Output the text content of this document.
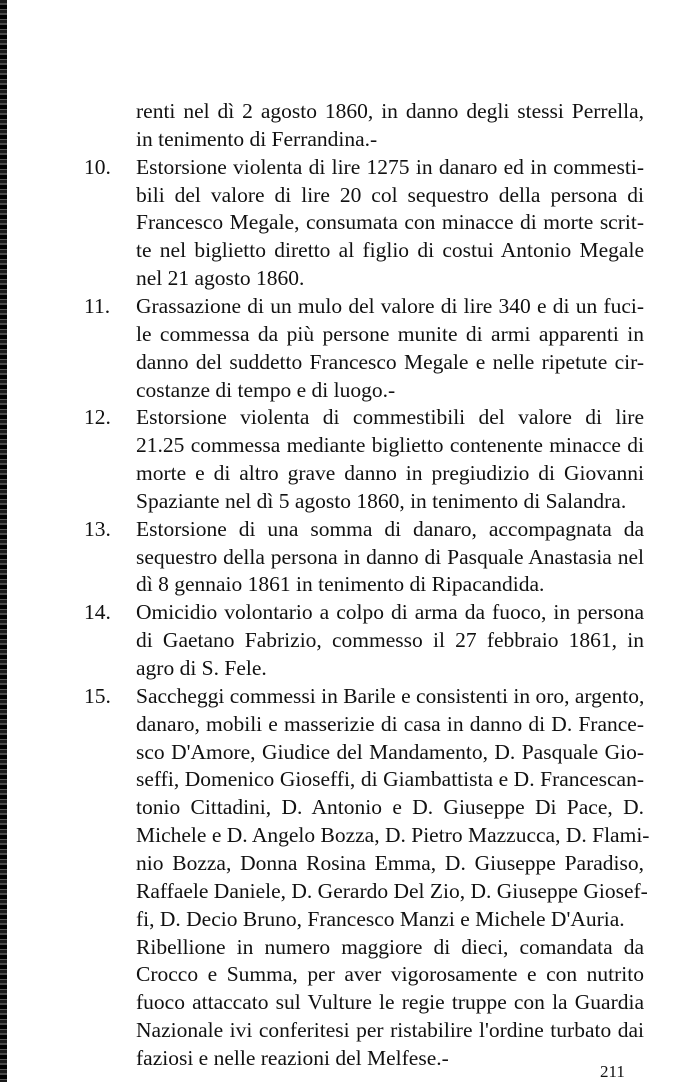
renti nel dì 2 agosto 1860, in danno degli stessi Perrella,
in tenimento di Ferrandina.-
10. Estorsione violenta di lire 1275 in danaro ed in commesti-
bili del valore di lire 20 col sequestro della persona di
Francesco Megale, consumata con minacce di morte scrit-
te nel biglietto diretto al figlio di costui Antonio Megale
nel 21 agosto 1860.
11. Grassazione di un mulo del valore di lire 340 e di un fuci-
le commessa da più persone munite di armi apparenti in
danno del suddetto Francesco Megale e nelle ripetute cir-
costanze di tempo e di luogo.-
12. Estorsione violenta di commestibili del valore di lire
21.25 commessa mediante biglietto contenente minacce di
morte e di altro grave danno in pregiudizio di Giovanni
Spaziante nel dì 5 agosto 1860, in tenimento di Salandra.
13. Estorsione di una somma di danaro, accompagnata da
sequestro della persona in danno di Pasquale Anastasia nel
dì 8 gennaio 1861 in tenimento di Ripacandida.
14. Omicidio volontario a colpo di arma da fuoco, in persona
di Gaetano Fabrizio, commesso il 27 febbraio 1861, in
agro di S. Fele.
15. Saccheggi commessi in Barile e consistenti in oro, argento,
danaro, mobili e masserizie di casa in danno di D. France-
sco D'Amore, Giudice del Mandamento, D. Pasquale Gio-
seffi, Domenico Gioseffi, di Giambattista e D. Francescan-
tonio Cittadini, D. Antonio e D. Giuseppe Di Pace, D.
Michele e D. Angelo Bozza, D. Pietro Mazzucca, D. Flami-
nio Bozza, Donna Rosina Emma, D. Giuseppe Paradiso,
Raffaele Daniele, D. Gerardo Del Zio, D. Giuseppe Giosef-
fi, D. Decio Bruno, Francesco Manzi e Michele D'Auria.
Ribellione in numero maggiore di dieci, comandata da
Crocco e Summa, per aver vigorosamente e con nutrito
fuoco attaccato sul Vulture le regie truppe con la Guardia
Nazionale ivi conferitesi per ristabilire l'ordine turbato dai
faziosi e nelle reazioni del Melfese.-
211
